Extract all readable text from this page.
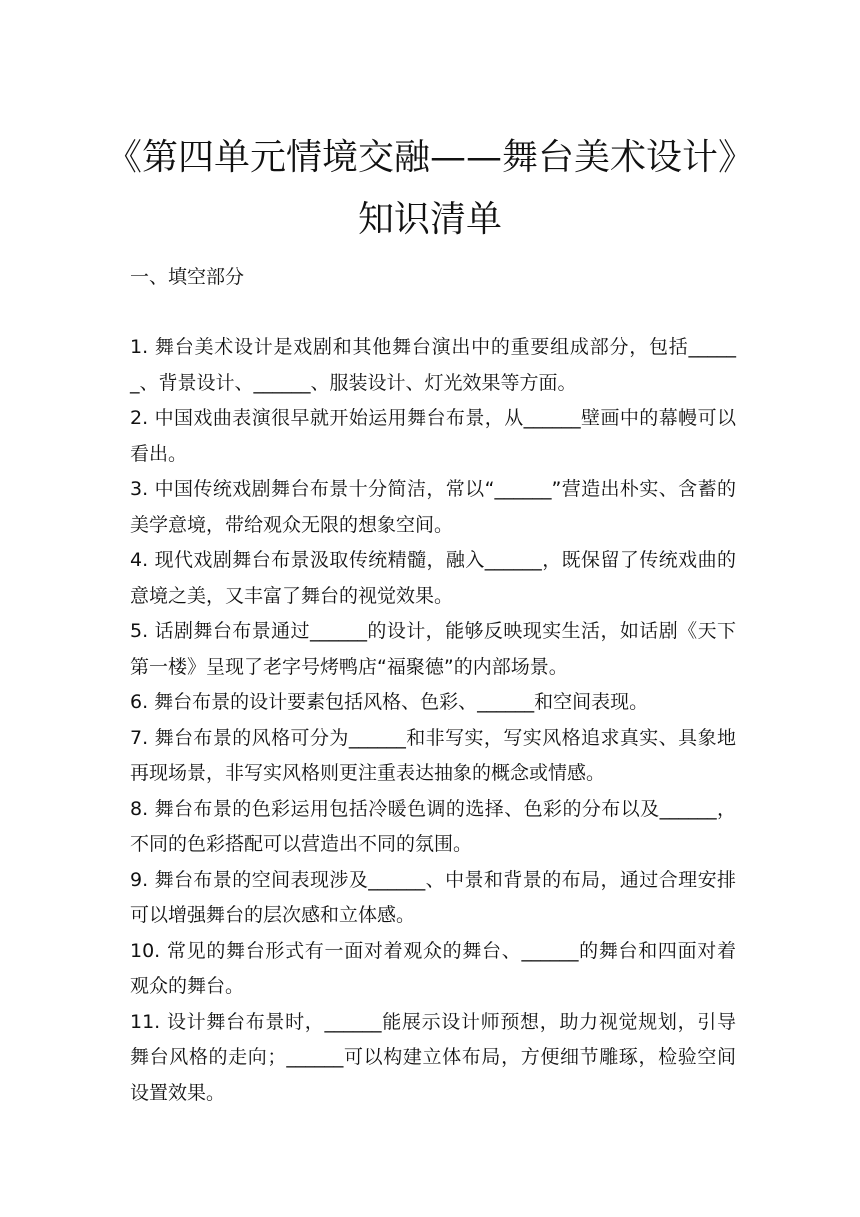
《第四单元情境交融——舞台美术设计》
知识清单
一、填空部分
1. 舞台美术设计是戏剧和其他舞台演出中的重要组成部分，包括______、背景设计、______、服装设计、灯光效果等方面。
2. 中国戏曲表演很早就开始运用舞台布景，从______壁画中的幕幔可以看出。
3. 中国传统戏剧舞台布景十分简洁，常以“______”营造出朴实、含蓄的美学意境，带给观众无限的想象空间。
4. 现代戏剧舞台布景汲取传统精髓，融入______，既保留了传统戏曲的意境之美，又丰富了舞台的视觉效果。
5. 话剧舞台布景通过______的设计，能够反映现实生活，如话剧《天下第一楼》呈现了老字号烤鸭店“福聚德”的内部场景。
6. 舞台布景的设计要素包括风格、色彩、______和空间表现。
7. 舞台布景的风格可分为______和非写实，写实风格追求真实、具象地再现场景，非写实风格则更注重表达抽象的概念或情感。
8. 舞台布景的色彩运用包括冷暖色调的选择、色彩的分布以及______，不同的色彩搭配可以营造出不同的氛围。
9. 舞台布景的空间表现涉及______、中景和背景的布局，通过合理安排可以增强舞台的层次感和立体感。
10. 常见的舞台形式有一面对着观众的舞台、______的舞台和四面对着观众的舞台。
11. 设计舞台布景时，______能展示设计师预想，助力视觉规划，引导舞台风格的走向；______可以构建立体布局，方便细节雕琢，检验空间设置效果。
